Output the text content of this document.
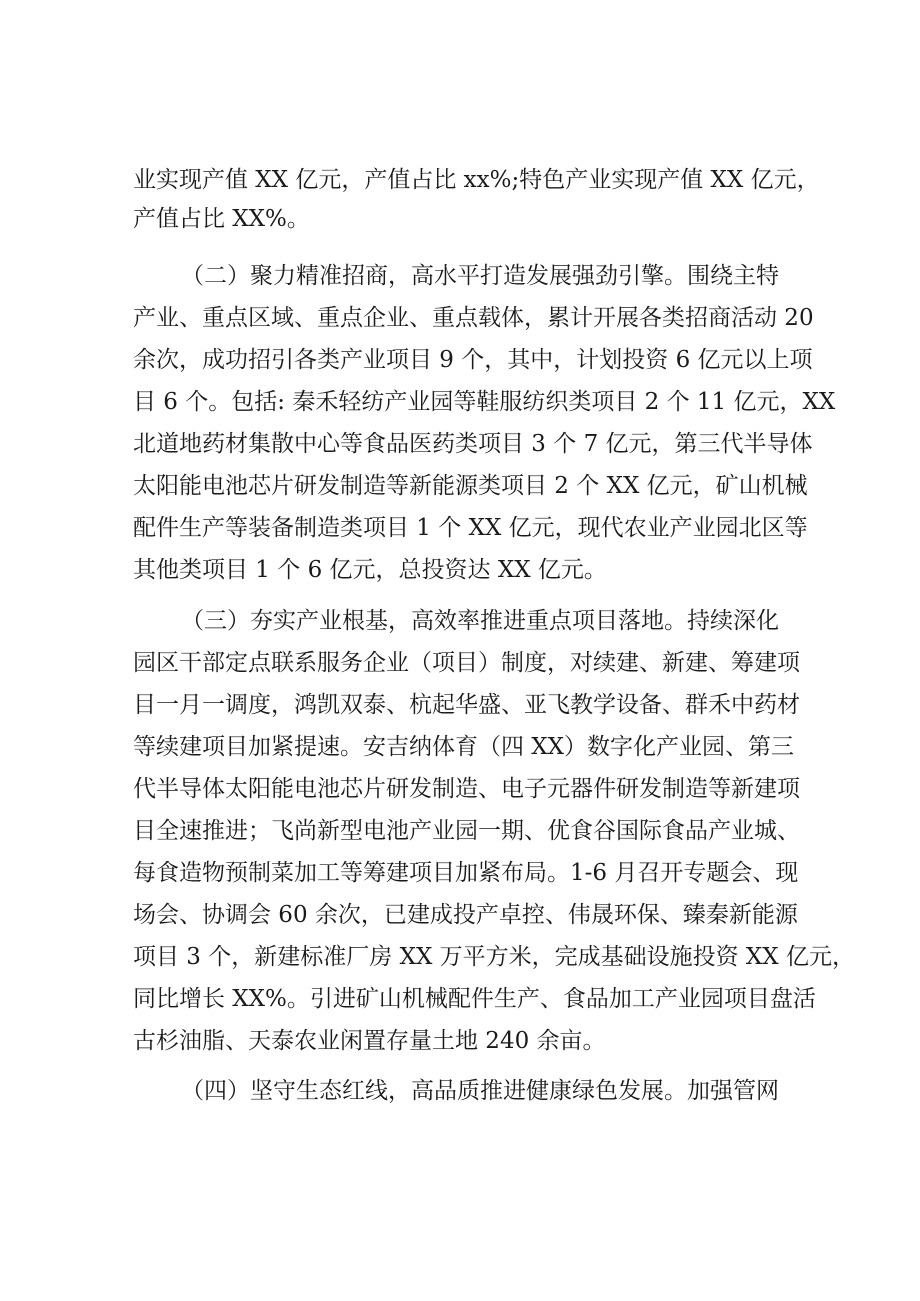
业实现产值 XX 亿元，产值占比 xx%;特色产业实现产值 XX 亿元，

产值占比 XX%。

（二）聚力精准招商，高水平打造发展强劲引擎。围绕主特

产业、重点区域、重点企业、重点载体，累计开展各类招商活动 20

余次，成功招引各类产业项目 9 个，其中，计划投资 6 亿元以上项

目 6 个。包括: 秦禾轻纺产业园等鞋服纺织类项目 2 个 11 亿元，XX

北道地药材集散中心等食品医药类项目 3 个 7 亿元，第三代半导体

太阳能电池芯片研发制造等新能源类项目 2 个 XX 亿元，矿山机械

配件生产等装备制造类项目 1 个 XX 亿元，现代农业产业园北区等

其他类项目 1 个 6 亿元，总投资达 XX 亿元。

（三）夯实产业根基，高效率推进重点项目落地。持续深化

园区干部定点联系服务企业（项目）制度，对续建、新建、筹建项

目一月一调度，鸿凯双泰、杭起华盛、亚飞教学设备、群禾中药材

等续建项目加紧提速。安吉纳体育（四 XX）数字化产业园、第三

代半导体太阳能电池芯片研发制造、电子元器件研发制造等新建项

目全速推进；飞尚新型电池产业园一期、优食谷国际食品产业城、

每食造物预制菜加工等筹建项目加紧布局。1-6 月召开专题会、现

场会、协调会 60 余次，已建成投产卓控、伟晟环保、臻秦新能源

项目 3 个，新建标准厂房 XX 万平方米，完成基础设施投资 XX 亿元，

同比增长 XX%。引进矿山机械配件生产、食品加工产业园项目盘活

古杉油脂、天泰农业闲置存量土地 240 余亩。

（四）坚守生态红线，高品质推进健康绿色发展。加强管网
